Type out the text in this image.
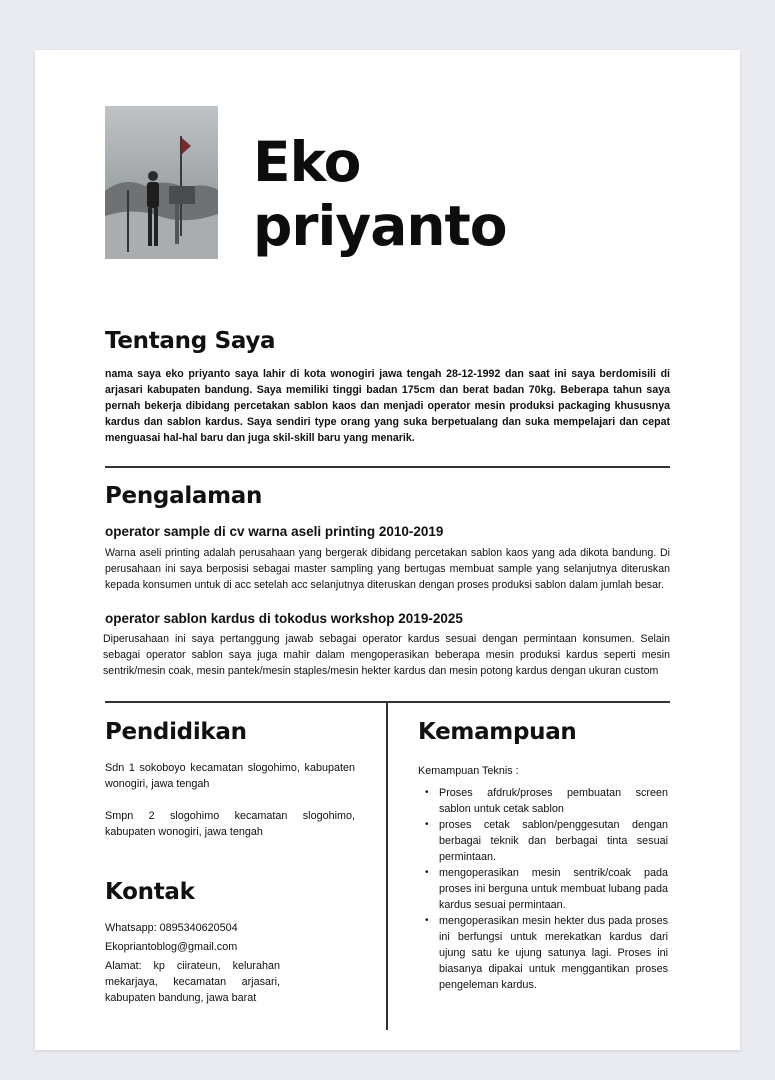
Eko
priyanto
Tentang Saya
nama saya eko priyanto saya lahir di kota wonogiri jawa tengah 28-12-1992 dan saat ini saya berdomisili di arjasari kabupaten bandung. Saya memiliki tinggi badan 175cm dan berat badan 70kg. Beberapa tahun saya pernah bekerja dibidang percetakan sablon kaos dan menjadi operator mesin produksi packaging khususnya kardus dan sablon kardus. Saya sendiri type orang yang suka berpetualang dan suka mempelajari dan cepat menguasai hal-hal baru dan juga skil-skill baru yang menarik.
Pengalaman
operator sample di cv warna aseli printing 2010-2019
Warna aseli printing adalah perusahaan yang bergerak dibidang percetakan sablon kaos yang ada dikota bandung. Di perusahaan ini saya berposisi sebagai master sampling yang bertugas membuat sample yang selanjutnya diteruskan kepada konsumen untuk di acc setelah acc selanjutnya diteruskan dengan proses produksi sablon dalam jumlah besar.
operator sablon kardus di tokodus workshop 2019-2025
Diperusahaan ini saya pertanggung jawab sebagai operator kardus sesuai dengan permintaan konsumen. Selain sebagai operator sablon saya juga mahir dalam mengoperasikan beberapa mesin produksi kardus seperti mesin sentrik/mesin coak, mesin pantek/mesin staples/mesin hekter kardus dan mesin potong kardus dengan ukuran custom
Pendidikan
Sdn 1 sokoboyo kecamatan slogohimo, kabupaten wonogiri, jawa tengah
Smpn 2 slogohimo kecamatan slogohimo, kabupaten wonogiri, jawa tengah
Kontak
Whatsapp: 0895340620504
Ekopriantoblog@gmail.com
Alamat: kp ciirateun, kelurahan mekarjaya, kecamatan arjasari, kabupaten bandung, jawa barat
Kemampuan
Kemampuan Teknis :
• Proses afdruk/proses pembuatan screen sablon untuk cetak sablon
• proses cetak sablon/penggesutan dengan berbagai teknik dan berbagai tinta sesuai permintaan.
• mengoperasikan mesin sentrik/coak pada proses ini berguna untuk membuat lubang pada kardus sesuai permintaan.
• mengoperasikan mesin hekter dus pada proses ini berfungsi untuk merekatkan kardus dari ujung satu ke ujung satunya lagi. Proses ini biasanya dipakai untuk menggantikan proses pengeleman kardus.
